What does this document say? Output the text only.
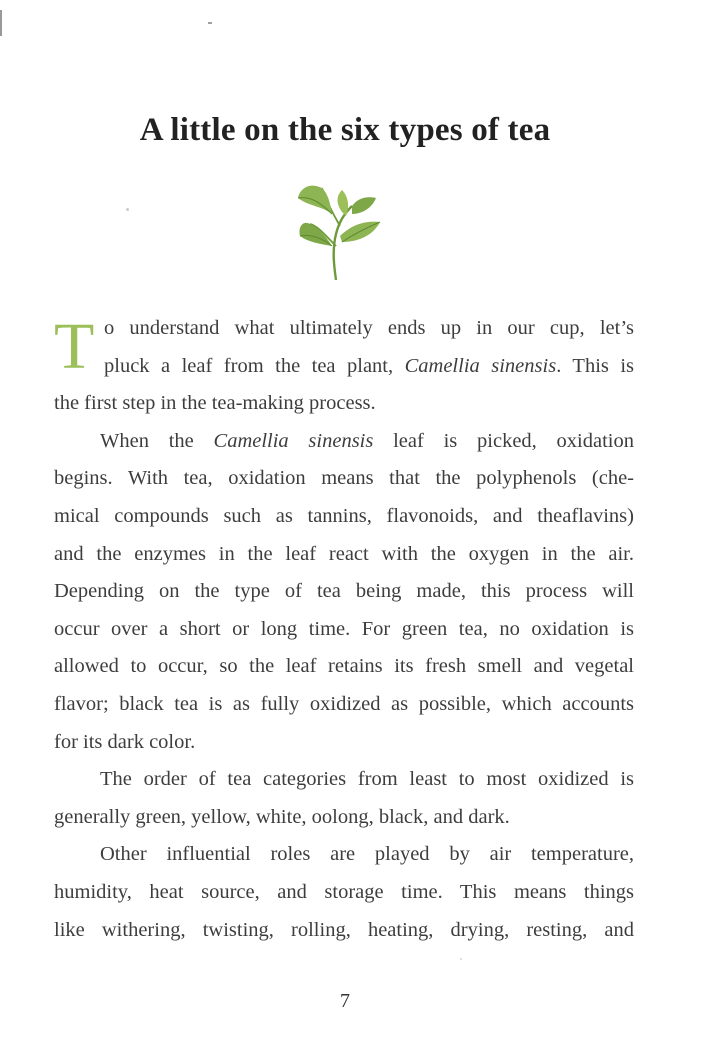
A little on the six types of tea
T o understand what ultimately ends up in our cup, let’s
pluck a leaf from the tea plant, Camellia sinensis. This is
the first step in the tea-making process.
When the Camellia sinensis leaf is picked, oxidation
begins. With tea, oxidation means that the polyphenols (che-
mical compounds such as tannins, flavonoids, and theaflavins)
and the enzymes in the leaf react with the oxygen in the air.
Depending on the type of tea being made, this process will
occur over a short or long time. For green tea, no oxidation is
allowed to occur, so the leaf retains its fresh smell and vegetal
flavor; black tea is as fully oxidized as possible, which accounts
for its dark color.
The order of tea categories from least to most oxidized is
generally green, yellow, white, oolong, black, and dark.
Other influential roles are played by air temperature,
humidity, heat source, and storage time. This means things
like withering, twisting, rolling, heating, drying, resting, and
7
